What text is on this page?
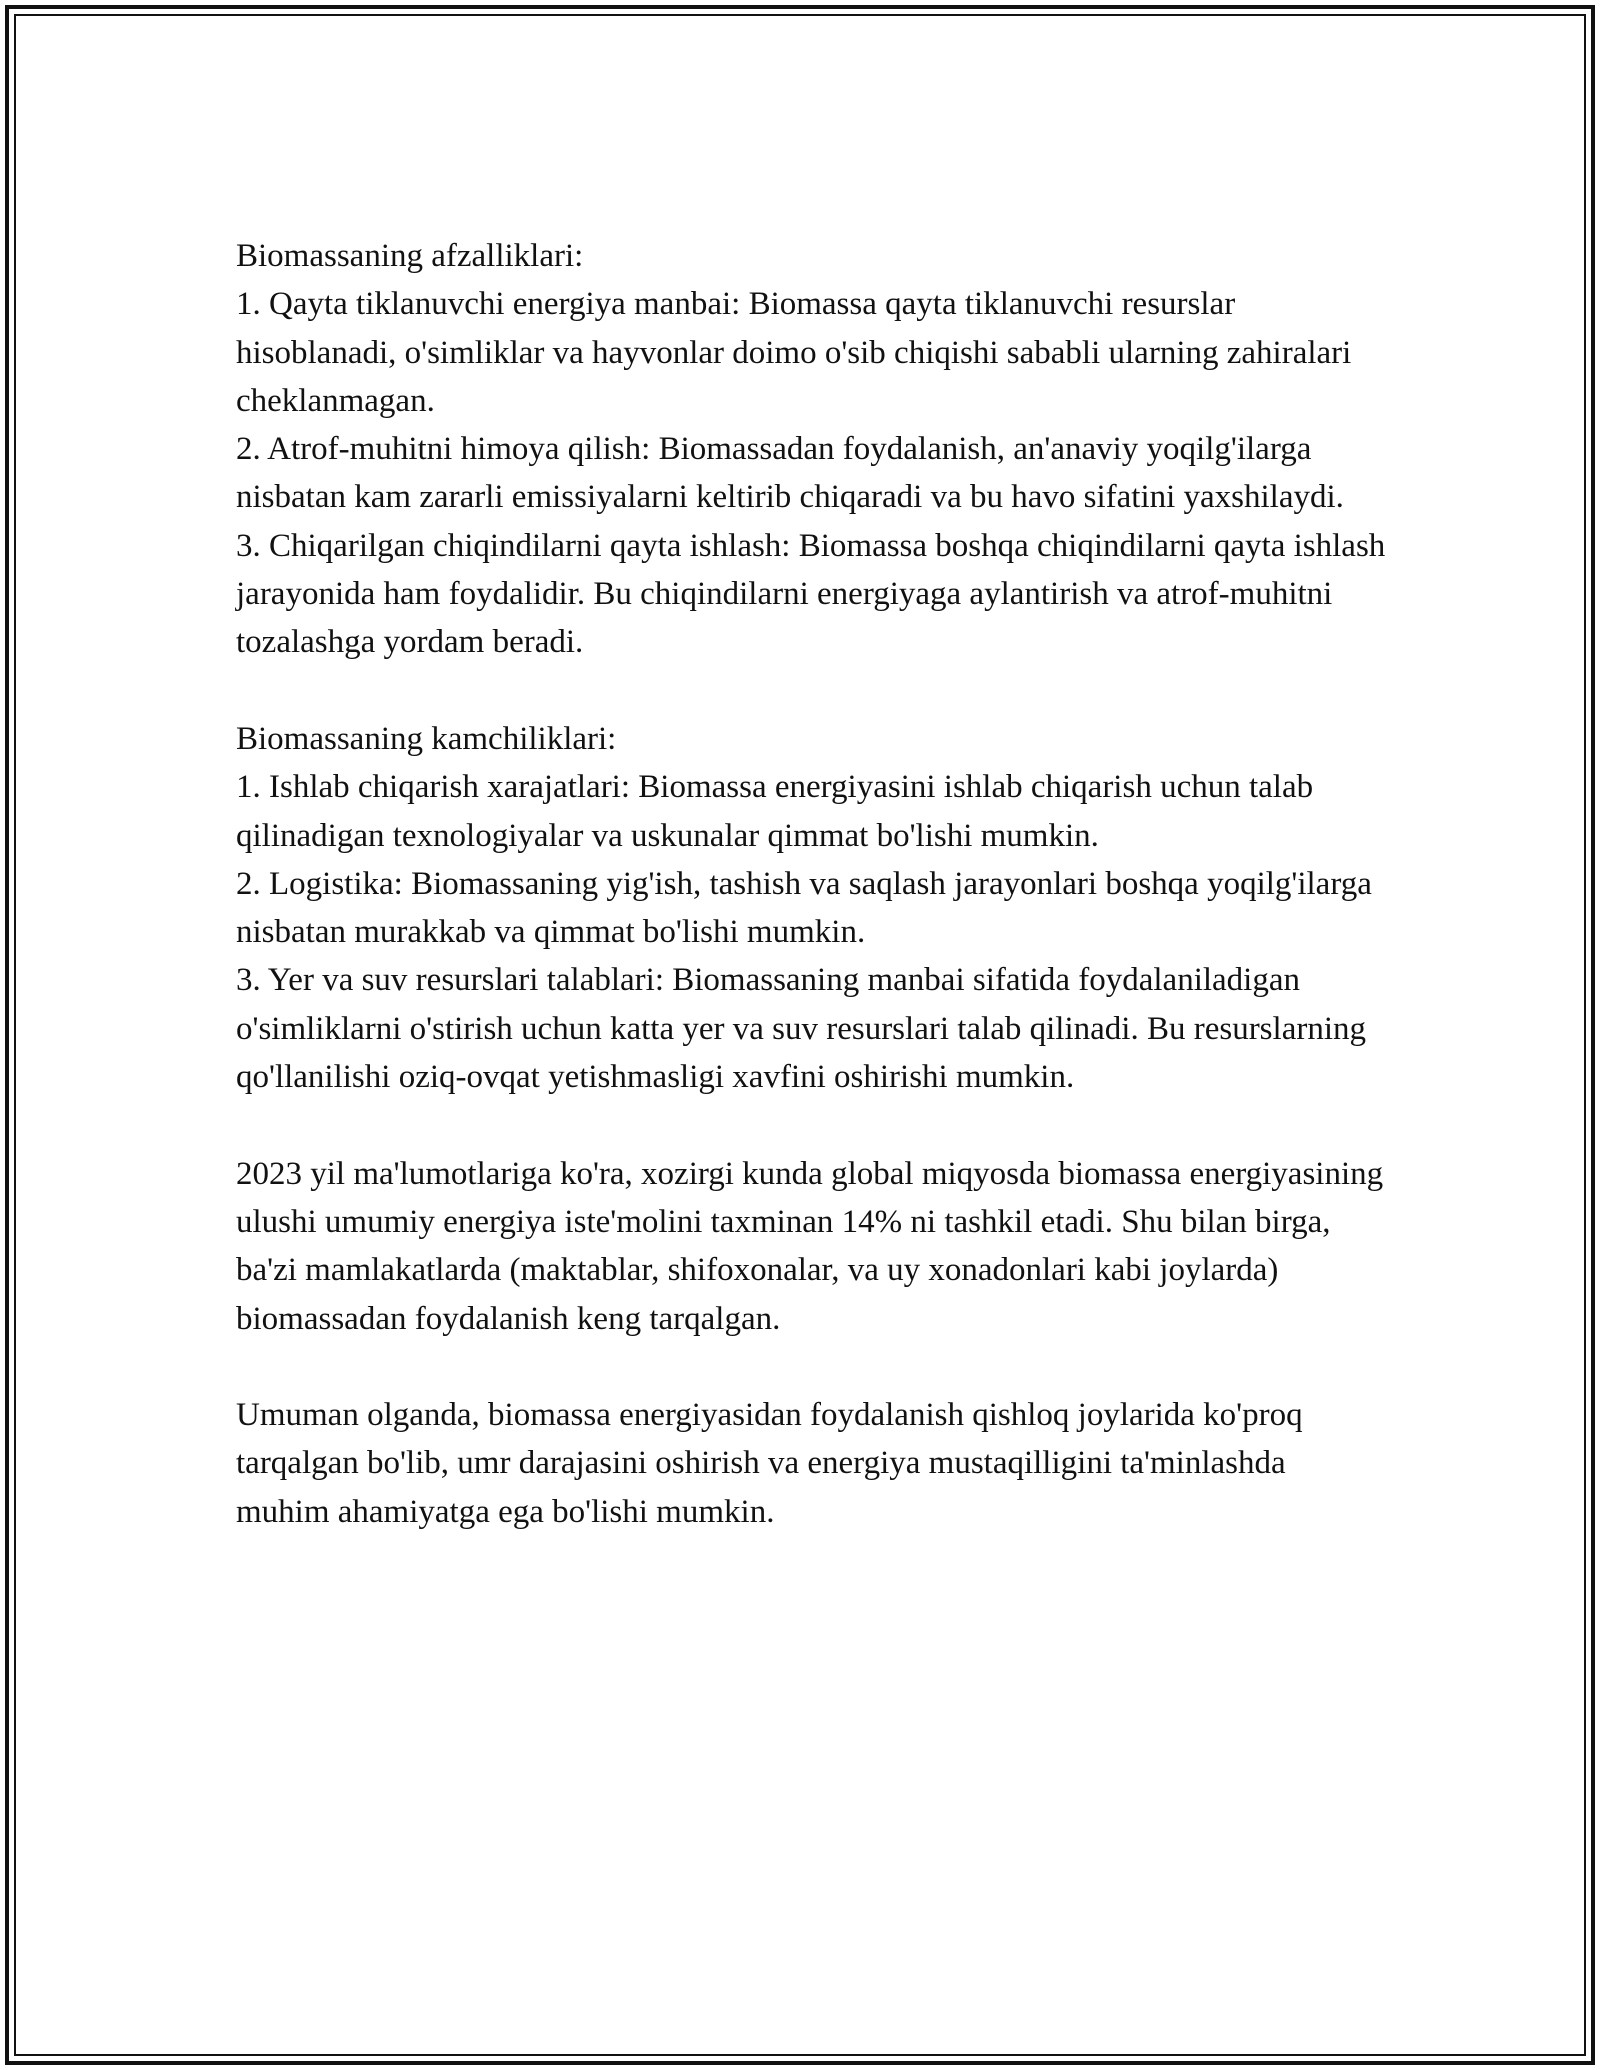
Biomassaning afzalliklari:

1. Qayta tiklanuvchi energiya manbai: Biomassa qayta tiklanuvchi resurslar hisoblanadi, o'simliklar va hayvonlar doimo o'sib chiqishi sababli ularning zahiralari cheklanmagan.

2. Atrof-muhitni himoya qilish: Biomassadan foydalanish, an'anaviy yoqilg'ilarga nisbatan kam zararli emissiyalarni keltirib chiqaradi va bu havo sifatini yaxshilaydi.

3. Chiqarilgan chiqindilarni qayta ishlash: Biomassa boshqa chiqindilarni qayta ishlash jarayonida ham foydalidir. Bu chiqindilarni energiyaga aylantirish va atrof-muhitni tozalashga yordam beradi.

Biomassaning kamchiliklari:

1. Ishlab chiqarish xarajatlari: Biomassa energiyasini ishlab chiqarish uchun talab qilinadigan texnologiyalar va uskunalar qimmat bo'lishi mumkin.

2. Logistika: Biomassaning yig'ish, tashish va saqlash jarayonlari boshqa yoqilg'ilarga nisbatan murakkab va qimmat bo'lishi mumkin.

3. Yer va suv resurslari talablari: Biomassaning manbai sifatida foydalaniladigan o'simliklarni o'stirish uchun katta yer va suv resurslari talab qilinadi. Bu resurslarning qo'llanilishi oziq-ovqat yetishmasligi xavfini oshirishi mumkin.

2023 yil ma'lumotlariga ko'ra, xozirgi kunda global miqyosda biomassa energiyasining ulushi umumiy energiya iste'molini taxminan 14% ni tashkil etadi. Shu bilan birga, ba'zi mamlakatlarda (maktablar, shifoxonalar, va uy xonadonlari kabi joylarda) biomassadan foydalanish keng tarqalgan.

Umuman olganda, biomassa energiyasidan foydalanish qishloq joylarida ko'proq tarqalgan bo'lib, umr darajasini oshirish va energiya mustaqilligini ta'minlashda muhim ahamiyatga ega bo'lishi mumkin.
